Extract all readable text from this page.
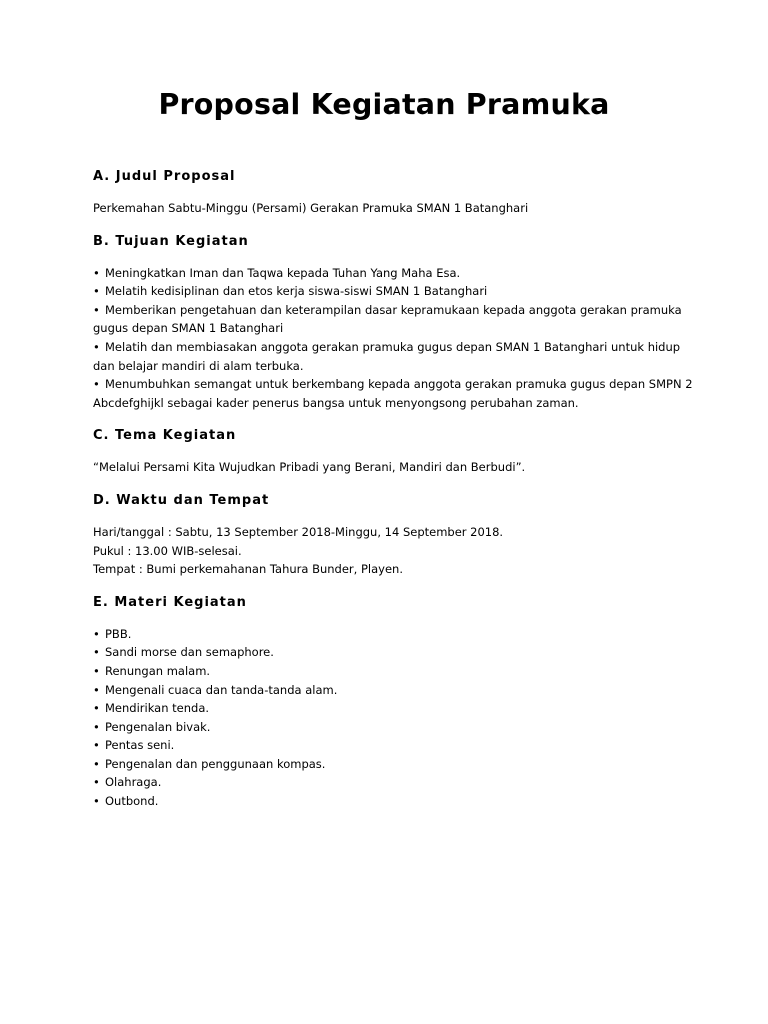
Proposal Kegiatan Pramuka
A. Judul Proposal

Perkemahan Sabtu-Minggu (Persami) Gerakan Pramuka SMAN 1 Batanghari

B. Tujuan Kegiatan
• Meningkatkan Iman dan Taqwa kepada Tuhan Yang Maha Esa.
• Melatih kedisiplinan dan etos kerja siswa-siswi SMAN 1 Batanghari
• Memberikan pengetahuan dan keterampilan dasar kepramukaan kepada anggota gerakan pramuka gugus depan SMAN 1 Batanghari
• Melatih dan membiasakan anggota gerakan pramuka gugus depan SMAN 1 Batanghari untuk hidup dan belajar mandiri di alam terbuka.
• Menumbuhkan semangat untuk berkembang kepada anggota gerakan pramuka gugus depan SMPN 2 Abcdefghijkl sebagai kader penerus bangsa untuk menyongsong perubahan zaman.
C. Tema Kegiatan

“Melalui Persami Kita Wujudkan Pribadi yang Berani, Mandiri dan Berbudi”.

D. Waktu dan Tempat

Hari/tanggal : Sabtu, 13 September 2018-Minggu, 14 September 2018.

Pukul : 13.00 WIB-selesai.

Tempat : Bumi perkemahanan Tahura Bunder, Playen.

E. Materi Kegiatan
• PBB.
• Sandi morse dan semaphore.
• Renungan malam.
• Mengenali cuaca dan tanda-tanda alam.
• Mendirikan tenda.
• Pengenalan bivak.
• Pentas seni.
• Pengenalan dan penggunaan kompas.
• Olahraga.
• Outbond.
